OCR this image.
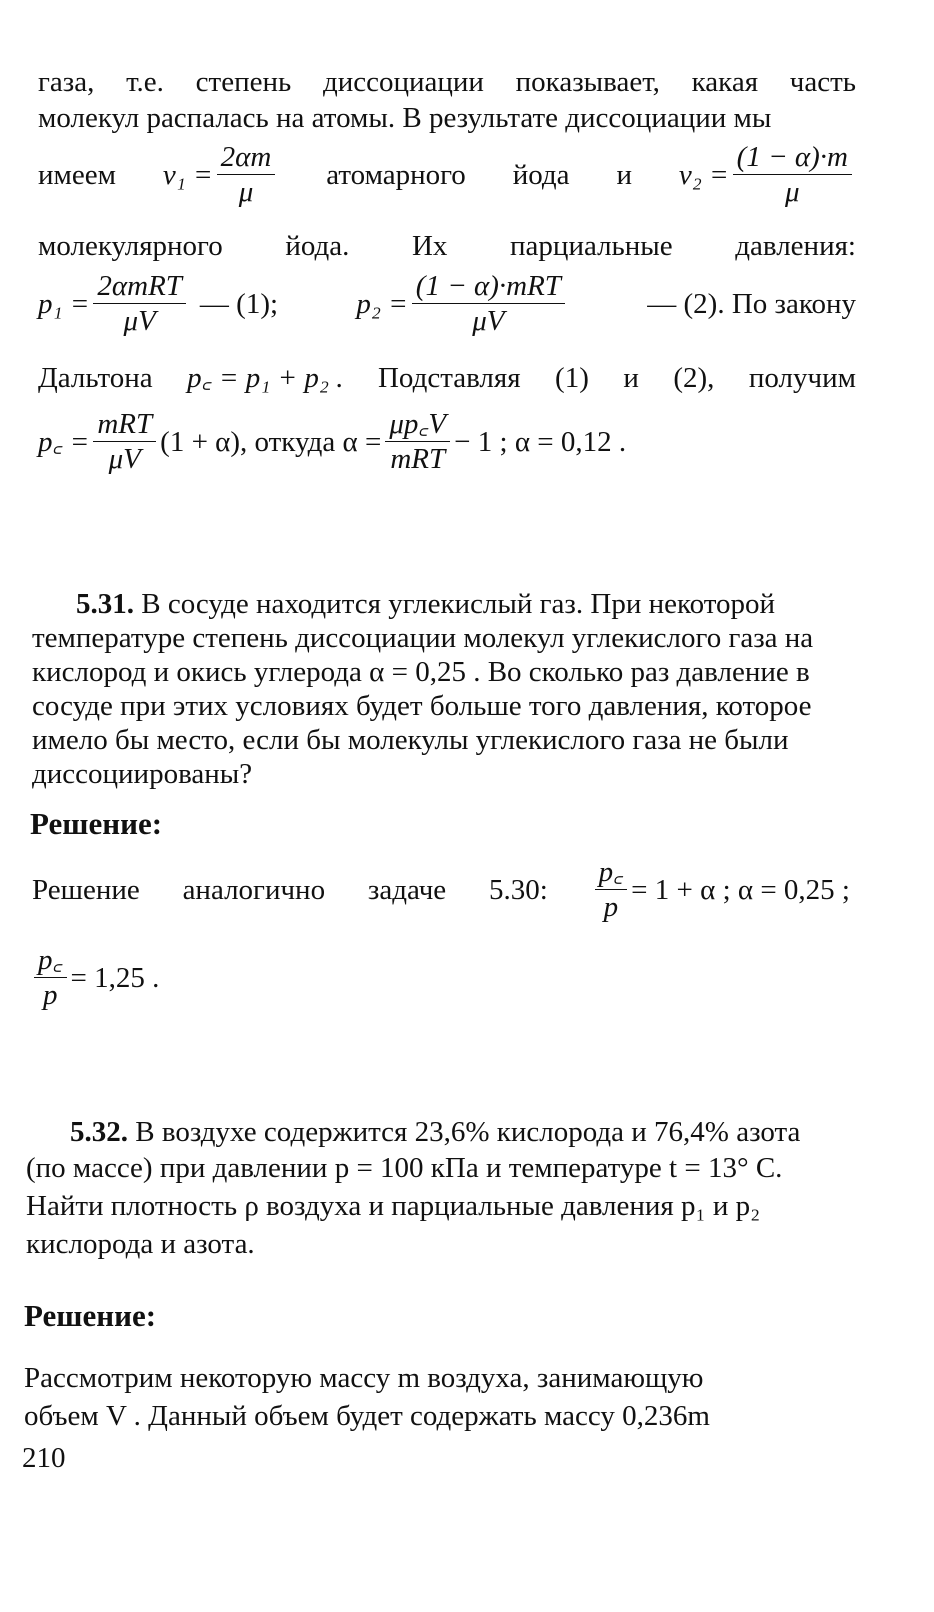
газа, т.е. степень диссоциации показывает, какая часть
молекул распалась на атомы. В результате диссоциации мы
имеем $\nu_1 = \frac{2\alpha m}{\mu}$ атомарного йода и $\nu_2 = \frac{(1 - \alpha)\cdot m}{\mu}$
молекулярного йода. Их парциальные давления:
$p_1 = \frac{\text{2αmRT}}{\mu V}$ — (1);	$p_2 = \frac{\text{(1 − α)·mRT}}{\mu V}$	— (2). По закону
Дальтона p꜀ = p₁ + p₂ . Подставляя (1) и (2), получим
p꜀ = $\frac{\text{mRT}}{\mu V} (1 + \alpha)$, откуда $\alpha = \frac{\mu p꜀V}{\text{mRT}} - 1$ ; α = 0,12 .
5.31. В сосуде находится углекислый газ. При некоторой
температуре степень диссоциации молекул углекислого газа на
кислород и окись углерода α = 0,25 . Во сколько раз давление в
сосуде при этих условиях будет больше того давления, которое
имело бы место, если бы молекулы углекислого газа не были
диссоциированы?
Решение:
Решение аналогично задаче 5.30: $\frac{p꜀}{p} = 1 + \alpha$ ; α = 0,25 ;
$\frac{p꜀}{p} = 1,25$ .
5.32. В воздухе содержится 23,6% кислорода и 76,4% азота
(по массе) при давлении p = 100 кПа и температуре t = 13° C.
Найти плотность ρ воздуха и парциальные давления p₁ и p₂
кислорода и азота.
Решение:
Рассмотрим некоторую массу m воздуха, занимающую
объем V . Данный объем будет содержать массу 0,236m
210
